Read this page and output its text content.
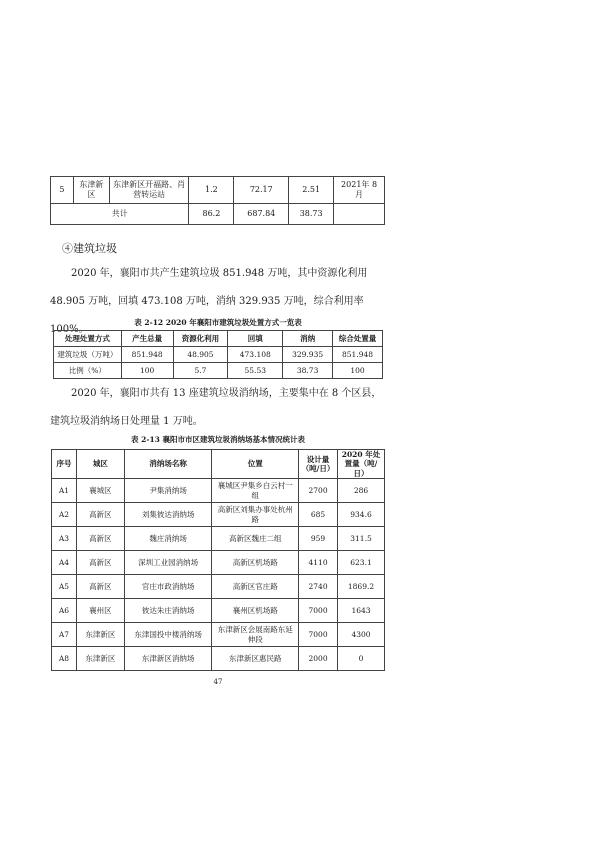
5	东津新区	东津新区开福路、肖营转运站	1.2	72.17	2.51	2021年 8 月
共计			86.2	687.84	38.73	
④建筑垃圾
2020 年，襄阳市共产生建筑垃圾 851.948 万吨，其中资源化利用 48.905 万吨，回填 473.108 万吨，消纳 329.935 万吨，综合利用率 100%。
表 2-12 2020 年襄阳市建筑垃圾处置方式一览表
处理处置方式	产生总量	资源化利用	回填	消纳	综合处置量
建筑垃圾（万吨）	851.948	48.905	473.108	329.935	851.948
比例（%）	100	5.7	55.53	38.73	100
2020 年，襄阳市共有 13 座建筑垃圾消纳场，主要集中在 8 个区县，建筑垃圾消纳场日处理量 1 万吨。
表 2-13 襄阳市市区建筑垃圾消纳场基本情况统计表
序号	城区	消纳场名称	位置	设计量（吨/日）	2020 年处置量（吨/日）
A1	襄城区	尹集消纳场	襄城区尹集乡白云村一组	2700	286
A2	高新区	刘集彼达消纳场	高新区刘集办事处杭州路	685	934.6
A3	高新区	魏庄消纳场	高新区魏庄二组	959	311.5
A4	高新区	深圳工业园消纳场	高新区机场路	4110	623.1
A5	高新区	官庄市政消纳场	高新区官庄路	2740	1869.2
A6	襄州区	彼达朱庄消纳场	襄州区机场路	7000	1643
A7	东津新区	东津国投中楼消纳场	东津新区会展南路东延伸段	7000	4300
A8	东津新区	东津新区消纳场	东津新区惠民路	2000	0
47
